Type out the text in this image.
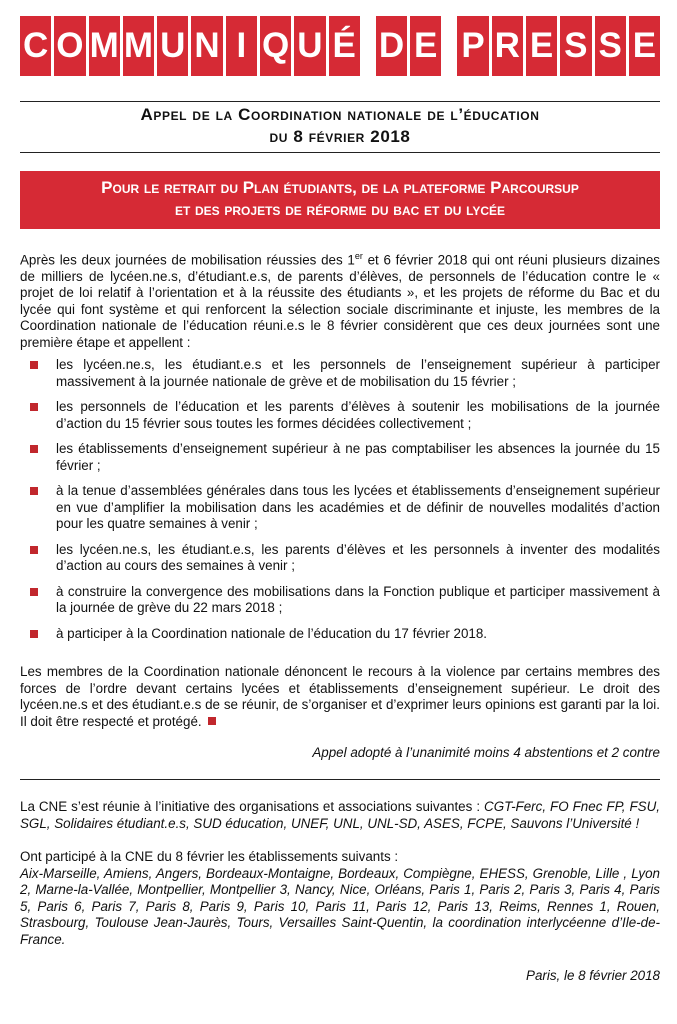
C O M M U N I Q U É D E P R E S S E
Appel de la Coordination nationale de l’éducation
du 8 février 2018
Pour le retrait du Plan étudiants, de la plateforme Parcoursup
et des projets de réforme du bac et du lycée

Après les deux journées de mobilisation réussies des 1er et 6 février 2018 qui ont réuni plusieurs dizaines de milliers de lycéen.ne.s, d’étudiant.e.s, de parents d’élèves, de personnels de l’éducation contre le « projet de loi relatif à l’orientation et à la réussite des étudiants », et les projets de réforme du Bac et du lycée qui font système et qui renforcent la sélection sociale discriminante et injuste, les membres de la Coordination nationale de l’éducation réuni.e.s le 8 février considèrent que ces deux journées sont une première étape et appellent :

les lycéen.ne.s, les étudiant.e.s et les personnels de l’enseignement supérieur à participer massivement à la journée nationale de grève et de mobilisation du 15 février ;
les personnels de l’éducation et les parents d’élèves à soutenir les mobilisations de la journée d’action du 15 février sous toutes les formes décidées collectivement ;
les établissements d’enseignement supérieur à ne pas comptabiliser les absences la journée du 15 février ;
à la tenue d’assemblées générales dans tous les lycées et établissements d’enseignement supérieur en vue d’amplifier la mobilisation dans les académies et de définir de nouvelles modalités d’action pour les quatre semaines à venir ;
les lycéen.ne.s, les étudiant.e.s, les parents d’élèves et les personnels à inventer des modalités d’action au cours des semaines à venir ;
à construire la convergence des mobilisations dans la Fonction publique et participer massivement à la journée de grève du 22 mars 2018 ;
à participer à la Coordination nationale de l’éducation du 17 février 2018.

Les membres de la Coordination nationale dénoncent le recours à la violence par certains membres des forces de l’ordre devant certains lycées et établissements d’enseignement supérieur. Le droit des lycéen.ne.s et des étudiant.e.s de se réunir, de s’organiser et d’exprimer leurs opinions est garanti par la loi. Il doit être respecté et protégé.

Appel adopté à l’unanimité moins 4 abstentions et 2 contre

La CNE s’est réunie à l’initiative des organisations et associations suivantes : CGT-Ferc, FO Fnec FP, FSU, SGL, Solidaires étudiant.e.s, SUD éducation, UNEF, UNL, UNL-SD, ASES, FCPE, Sauvons l’Université !

Ont participé à la CNE du 8 février les établissements suivants :
Aix-Marseille, Amiens, Angers, Bordeaux-Montaigne, Bordeaux, Compiègne, EHESS, Grenoble, Lille , Lyon 2, Marne-la-Vallée, Montpellier, Montpellier 3, Nancy, Nice, Orléans, Paris 1, Paris 2, Paris 3, Paris 4, Paris 5, Paris 6, Paris 7, Paris 8, Paris 9, Paris 10, Paris 11, Paris 12, Paris 13, Reims, Rennes 1, Rouen, Strasbourg, Toulouse Jean-Jaurès, Tours, Versailles Saint-Quentin, la coordination interlycéenne d’Ile-de-France.

Paris, le 8 février 2018
